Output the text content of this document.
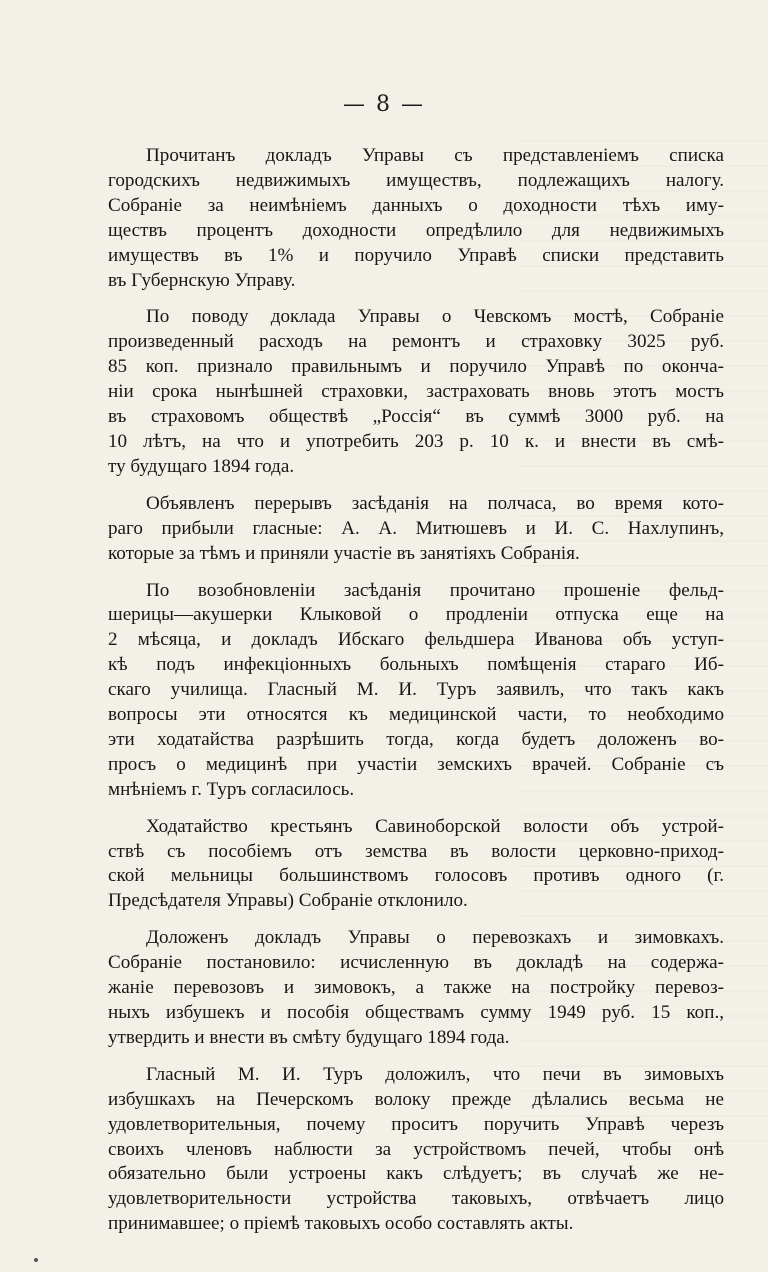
— 8 —
Прочитанъ докладъ Управы съ представленіемъ списка
городскихъ недвижимыхъ имуществъ, подлежащихъ налогу.
Собраніе за неимѣніемъ данныхъ о доходности тѣхъ иму-
ществъ процентъ доходности опредѣлило для недвижимыхъ
имуществъ въ 1% и поручило Управѣ списки представить
въ Губернскую Управу.
По поводу доклада Управы о Чевскомъ мостѣ, Собраніе
произведенный расходъ на ремонтъ и страховку 3025 руб.
85 коп. признало правильнымъ и поручило Управѣ по оконча-
ніи срока нынѣшней страховки, застраховать вновь этотъ мостъ
въ страховомъ обществѣ „Россія“ въ суммѣ 3000 руб. на
10 лѣтъ, на что и употребить 203 р. 10 к. и внести въ смѣ-
ту будущаго 1894 года.
Объявленъ перерывъ засѣданія на полчаса, во время кото-
раго прибыли гласные: А. А. Митюшевъ и И. С. Нахлупинъ,
которые за тѣмъ и приняли участіе въ занятіяхъ Собранія.
По возобновленіи засѣданія прочитано прошеніе фельд-
шерицы—акушерки Клыковой о продленіи отпуска еще на
2 мѣсяца, и докладъ Ибскаго фельдшера Иванова объ уступ-
кѣ подъ инфекціонныхъ больныхъ помѣщенія стараго Иб-
скаго училища. Гласный М. И. Туръ заявилъ, что такъ какъ
вопросы эти относятся къ медицинской части, то необходимо
эти ходатайства разрѣшить тогда, когда будетъ доложенъ во-
просъ о медицинѣ при участіи земскихъ врачей. Собраніе съ
мнѣніемъ г. Туръ согласилось.
Ходатайство крестьянъ Савиноборской волости объ устрой-
ствѣ съ пособіемъ отъ земства въ волости церковно-приход-
ской мельницы большинствомъ голосовъ противъ одного (г.
Предсѣдателя Управы) Собраніе отклонило.
Доложенъ докладъ Управы о перевозкахъ и зимовкахъ.
Собраніе постановило: исчисленную въ докладѣ на содержа-
жаніе перевозовъ и зимовокъ, а также на постройку перевоз-
ныхъ избушекъ и пособія обществамъ сумму 1949 руб. 15 коп.,
утвердить и внести въ смѣту будущаго 1894 года.
Гласный М. И. Туръ доложилъ, что печи въ зимовыхъ
избушкахъ на Печерскомъ волоку прежде дѣлались весьма не
удовлетворительныя, почему проситъ поручить Управѣ черезъ
своихъ членовъ наблюсти за устройствомъ печей, чтобы онѣ
обязательно были устроены какъ слѣдуетъ; въ случаѣ же не-
удовлетворительности устройства таковыхъ, отвѣчаетъ лицо
принимавшее; о пріемѣ таковыхъ особо составлять акты.
